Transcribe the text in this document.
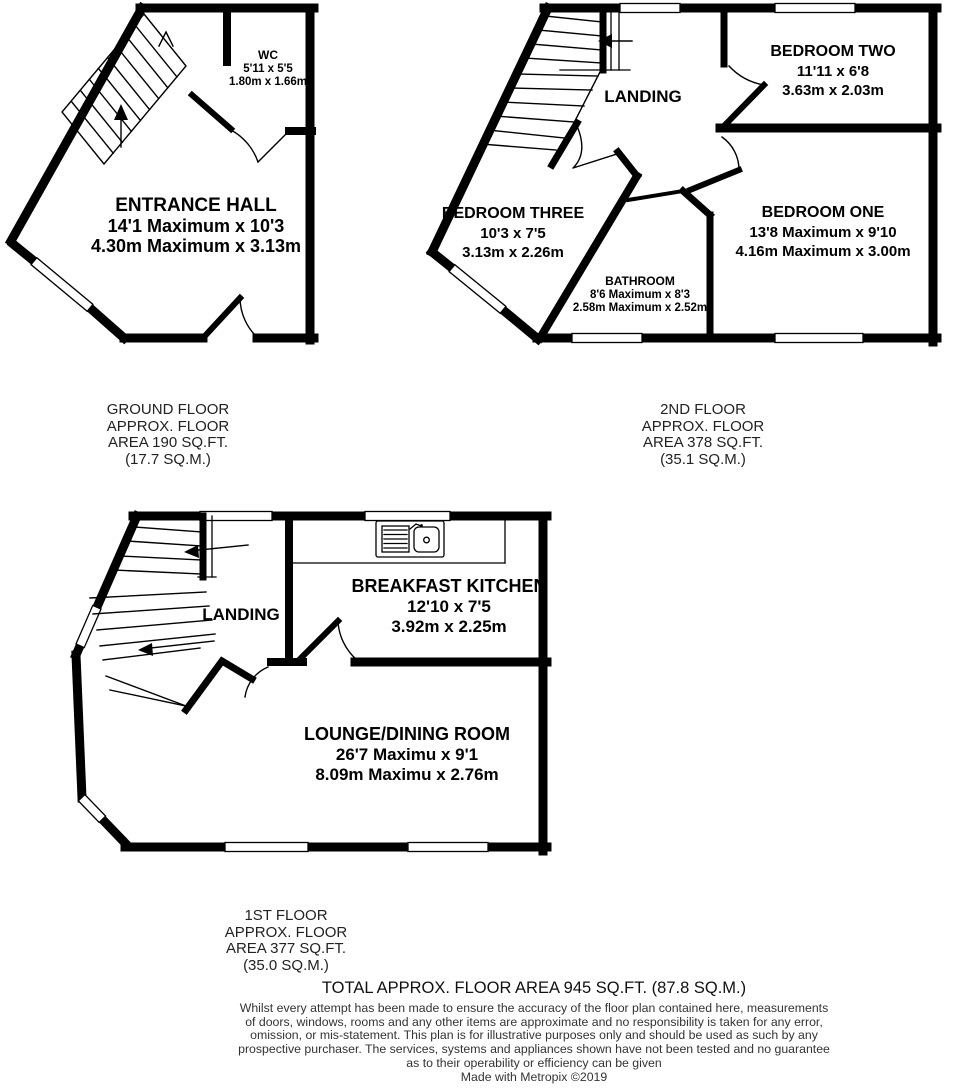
WC
5'11 x 5'5
1.80m x 1.66m
ENTRANCE HALL
14'1 Maximum x 10'3
4.30m Maximum x 3.13m
GROUND FLOOR
APPROX. FLOOR
AREA 190 SQ.FT.
(17.7 SQ.M.)
LANDING
BEDROOM TWO
11'11 x 6'8
3.63m x 2.03m
BEDROOM THREE
10'3 x 7'5
3.13m x 2.26m
BATHROOM
8'6 Maximum x 8'3
2.58m Maximum x 2.52m
BEDROOM ONE
13'8 Maximum x 9'10
4.16m Maximum x 3.00m
2ND FLOOR
APPROX. FLOOR
AREA 378 SQ.FT.
(35.1 SQ.M.)
LANDING
BREAKFAST KITCHEN
12'10 x 7'5
3.92m x 2.25m
LOUNGE/DINING ROOM
26'7 Maximu x 9'1
8.09m Maximu x 2.76m
1ST FLOOR
APPROX. FLOOR
AREA 377 SQ.FT.
(35.0 SQ.M.)
TOTAL APPROX. FLOOR AREA 945 SQ.FT. (87.8 SQ.M.)
Whilst every attempt has been made to ensure the accuracy of the floor plan contained here, measurements
of doors, windows, rooms and any other items are approximate and no responsibility is taken for any error,
omission, or mis-statement. This plan is for illustrative purposes only and should be used as such by any
prospective purchaser. The services, systems and appliances shown have not been tested and no guarantee
as to their operability or efficiency can be given
Made with Metropix ©2019
